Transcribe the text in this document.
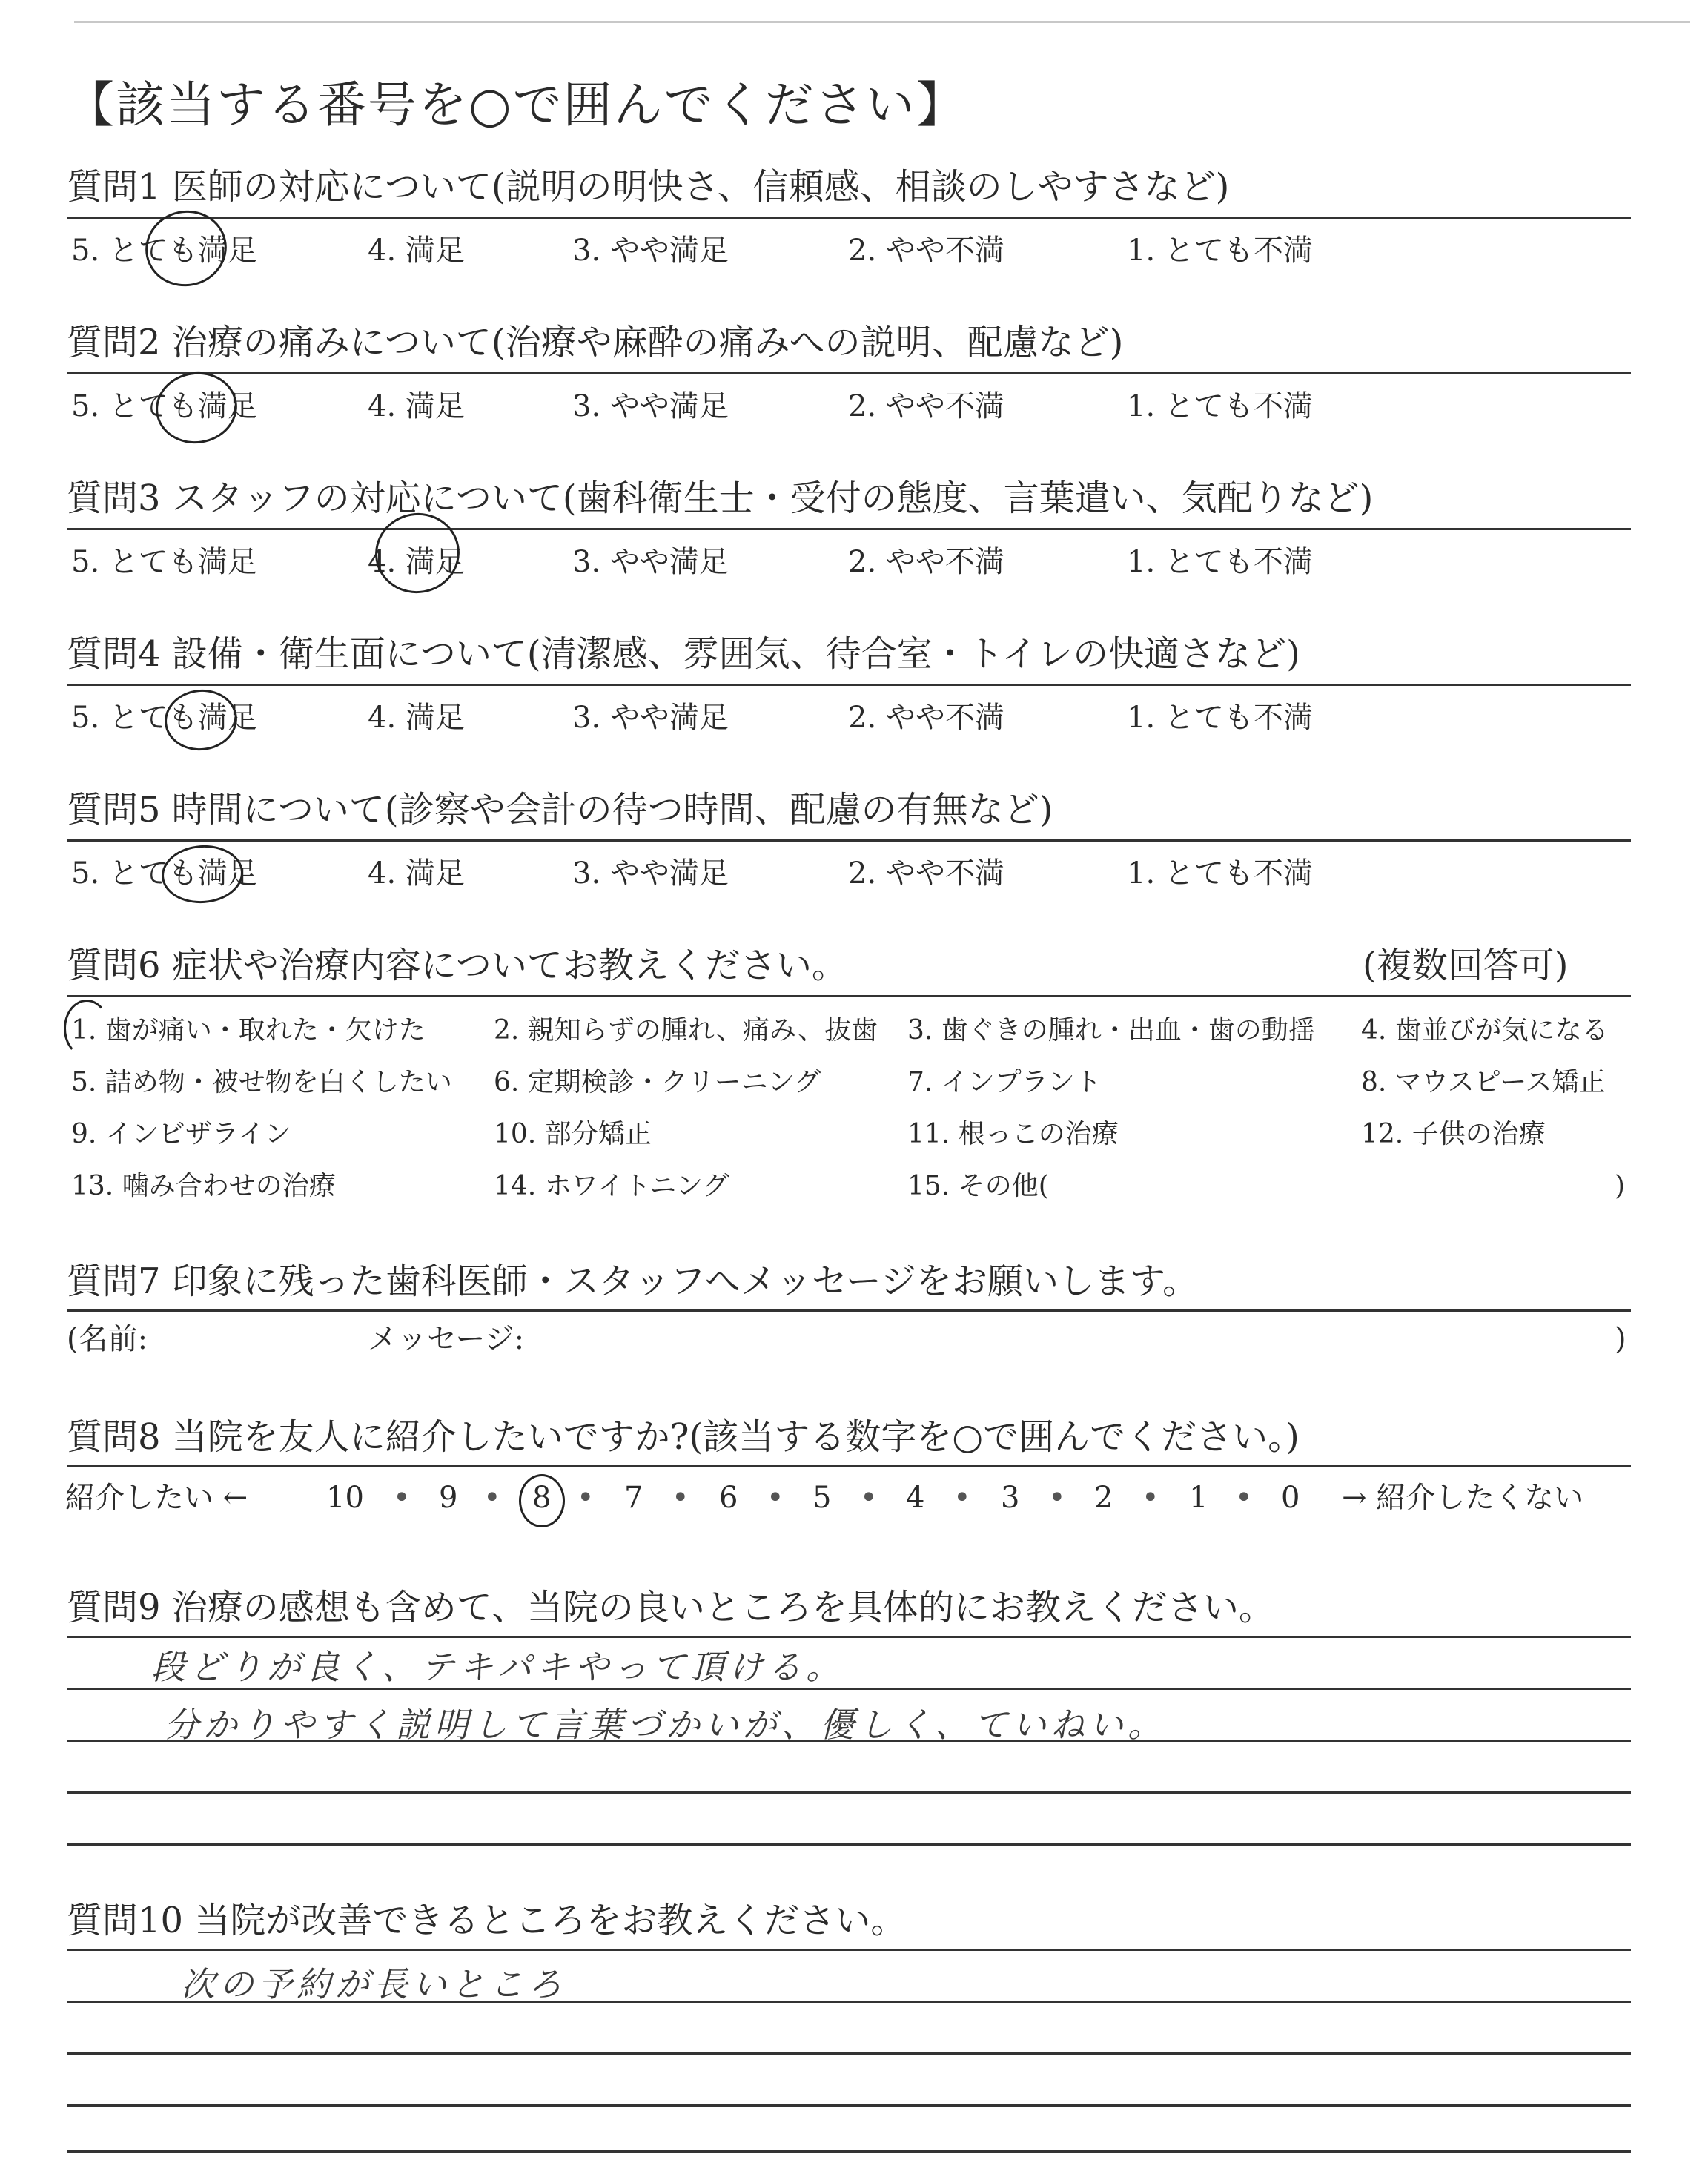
【該当する番号を○で囲んでください】
質問1 医師の対応について(説明の明快さ、信頼感、相談のしやすさなど)
5. とても満足	4. 満足	3. やや満足	2. やや不満	1. とても不満
質問2 治療の痛みについて(治療や麻酔の痛みへの説明、配慮など)
5. とても満足	4. 満足	3. やや満足	2. やや不満	1. とても不満
質問3 スタッフの対応について(歯科衛生士・受付の態度、言葉遣い、気配りなど)
5. とても満足	4. 満足	3. やや満足	2. やや不満	1. とても不満
質問4 設備・衛生面について(清潔感、雰囲気、待合室・トイレの快適さなど)
5. とても満足	4. 満足	3. やや満足	2. やや不満	1. とても不満
質問5 時間について(診察や会計の待つ時間、配慮の有無など)
5. とても満足	4. 満足	3. やや満足	2. やや不満	1. とても不満
質問6 症状や治療内容についてお教えください。	(複数回答可)
1. 歯が痛い・取れた・欠けた	2. 親知らずの腫れ、痛み、抜歯 3. 歯ぐきの腫れ・出血・歯の動揺 4. 歯並びが気になる
5. 詰め物・被せ物を白くしたい 6. 定期検診・クリーニング	7. インプラント	8. マウスピース矯正
9. インビザライン	10. 部分矯正	11. 根っこの治療	12. 子供の治療
13. 噛み合わせの治療	14. ホワイトニング	15. その他(	)
質問7 印象に残った歯科医師・スタッフへメッセージをお願いします。
(名前:	メッセージ:	)
質問8 当院を友人に紹介したいですか?(該当する数字を○で囲んでください。)
紹介したい ←	→ 紹介したくない
10 • 9 • 8 • 7 • 6 • 5 • 4 • 3 • 2 • 1 • 0
質問9 治療の感想も含めて、当院の良いところを具体的にお教えください。
段どりが良く、テキパキやって頂ける。
分かりやすく説明して言葉づかいが、優しく、ていねい。
質問10 当院が改善できるところをお教えください。
次の予約が長いところ
